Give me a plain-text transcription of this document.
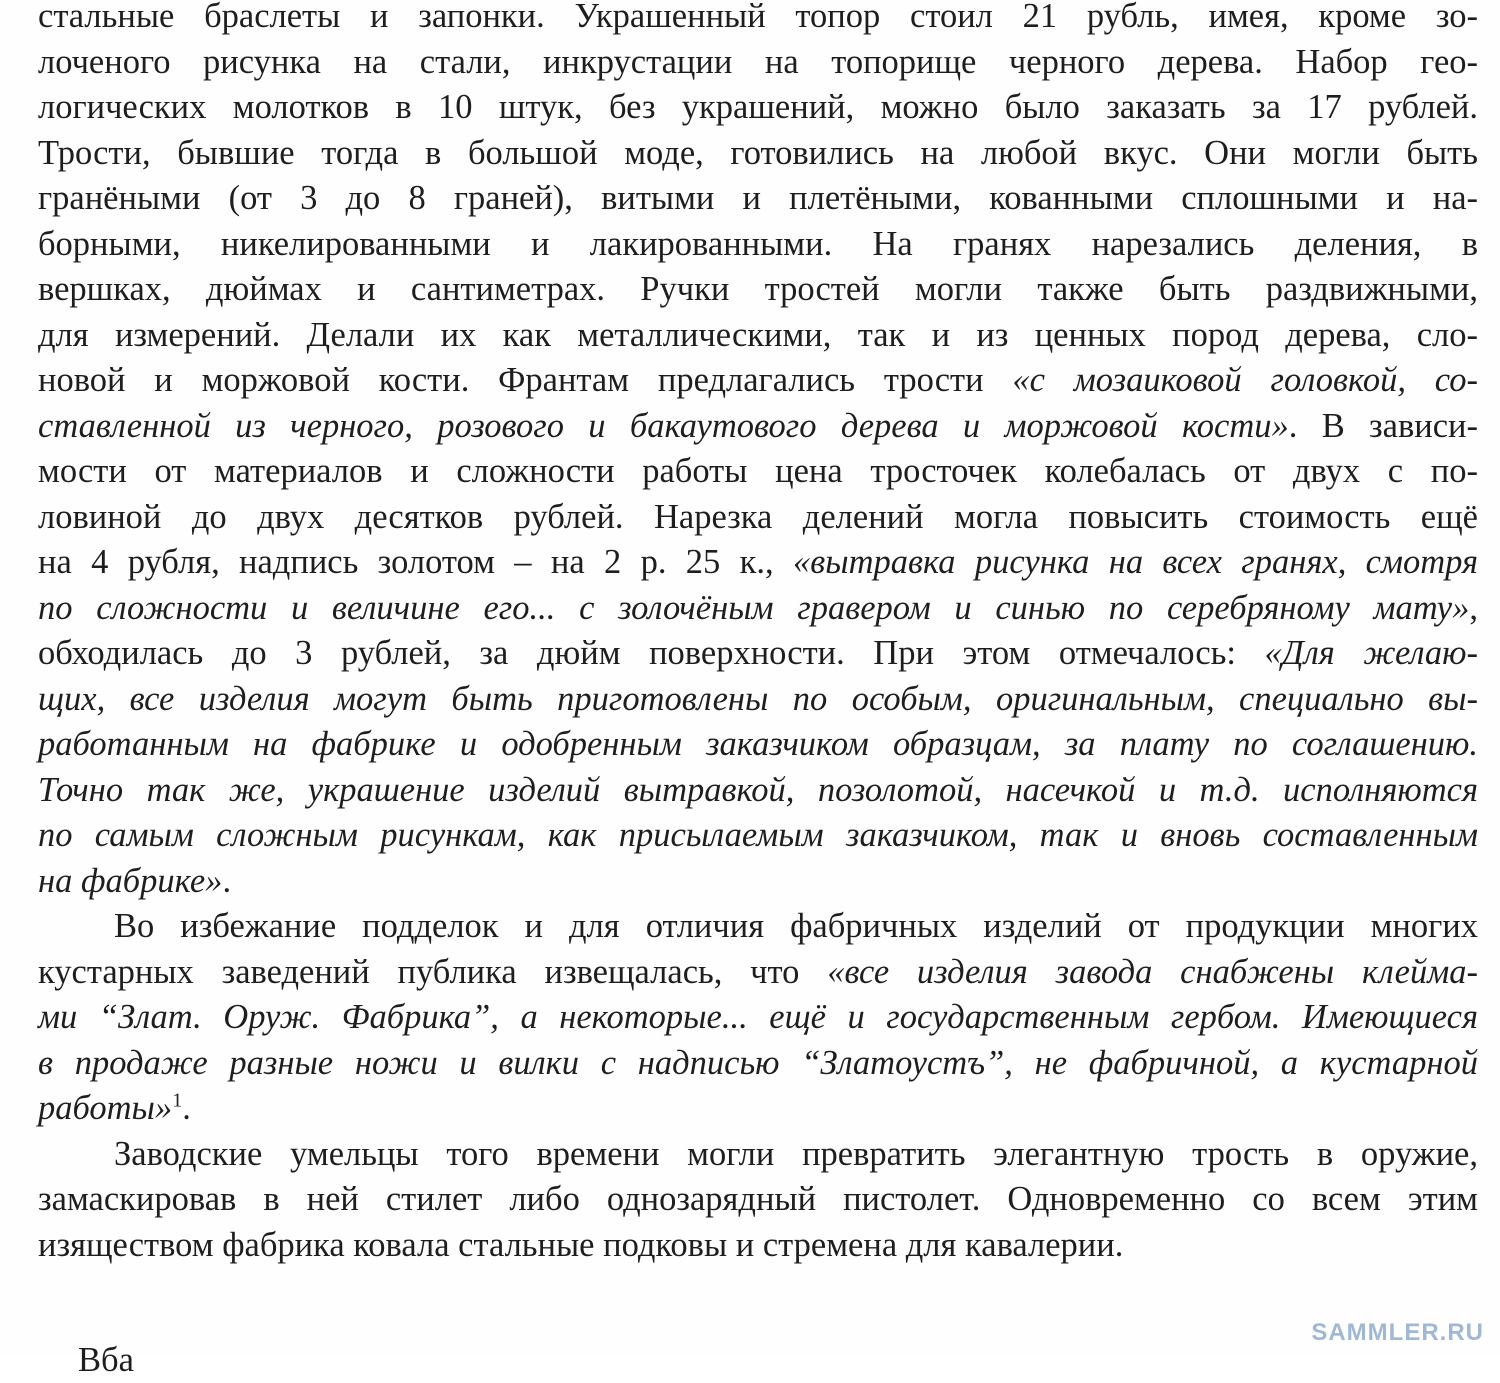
стальные браслеты и запонки. Украшенный топор стоил 21 рубль, имея, кроме зо-
лоченого рисунка на стали, инкрустации на топорище черного дерева. Набор гео-
логических молотков в 10 штук, без украшений, можно было заказать за 17 рублей.
Трости, бывшие тогда в большой моде, готовились на любой вкус. Они могли быть
гранёными (от 3 до 8 граней), витыми и плетёными, кованными сплошными и на-
борными, никелированными и лакированными. На гранях нарезались деления, в
вершках, дюймах и сантиметрах. Ручки тростей могли также быть раздвижными,
для измерений. Делали их как металлическими, так и из ценных пород дерева, сло-
новой и моржовой кости. Франтам предлагались трости «с мозаиковой головкой, со-
ставленной из черного, розового и бакаутового дерева и моржовой кости». В зависи-
мости от материалов и сложности работы цена тросточек колебалась от двух с по-
ловиной до двух десятков рублей. Нарезка делений могла повысить стоимость ещё
на 4 рубля, надпись золотом – на 2 р. 25 к., «вытравка рисунка на всех гранях, смотря
по сложности и величине его... с золочёным гравером и синью по серебряному мату»,
обходилась до 3 рублей, за дюйм поверхности. При этом отмечалось: «Для желаю-
щих, все изделия могут быть приготовлены по особым, оригинальным, специально вы-
работанным на фабрике и одобренным заказчиком образцам, за плату по соглашению.
Точно так же, украшение изделий вытравкой, позолотой, насечкой и т.д. исполняются
по самым сложным рисункам, как присылаемым заказчиком, так и вновь составленным
на фабрике».

Во избежание подделок и для отличия фабричных изделий от продукции многих
кустарных заведений публика извещалась, что «все изделия завода снабжены клейма-
ми “Злат. Оруж. Фабрика”, а некоторые... ещё и государственным гербом. Имеющиеся
в продаже разные ножи и вилки с надписью “Златоустъ”, не фабричной, а кустарной
работы»$^1$.

Заводские умельцы того времени могли превратить элегантную трость в оружие,
замаскировав в ней стилет либо однозарядный пистолет. Одновременно со всем этим
изяществом фабрика ковала стальные подковы и стремена для кавалерии.

Вба
SAMMLER.RU
